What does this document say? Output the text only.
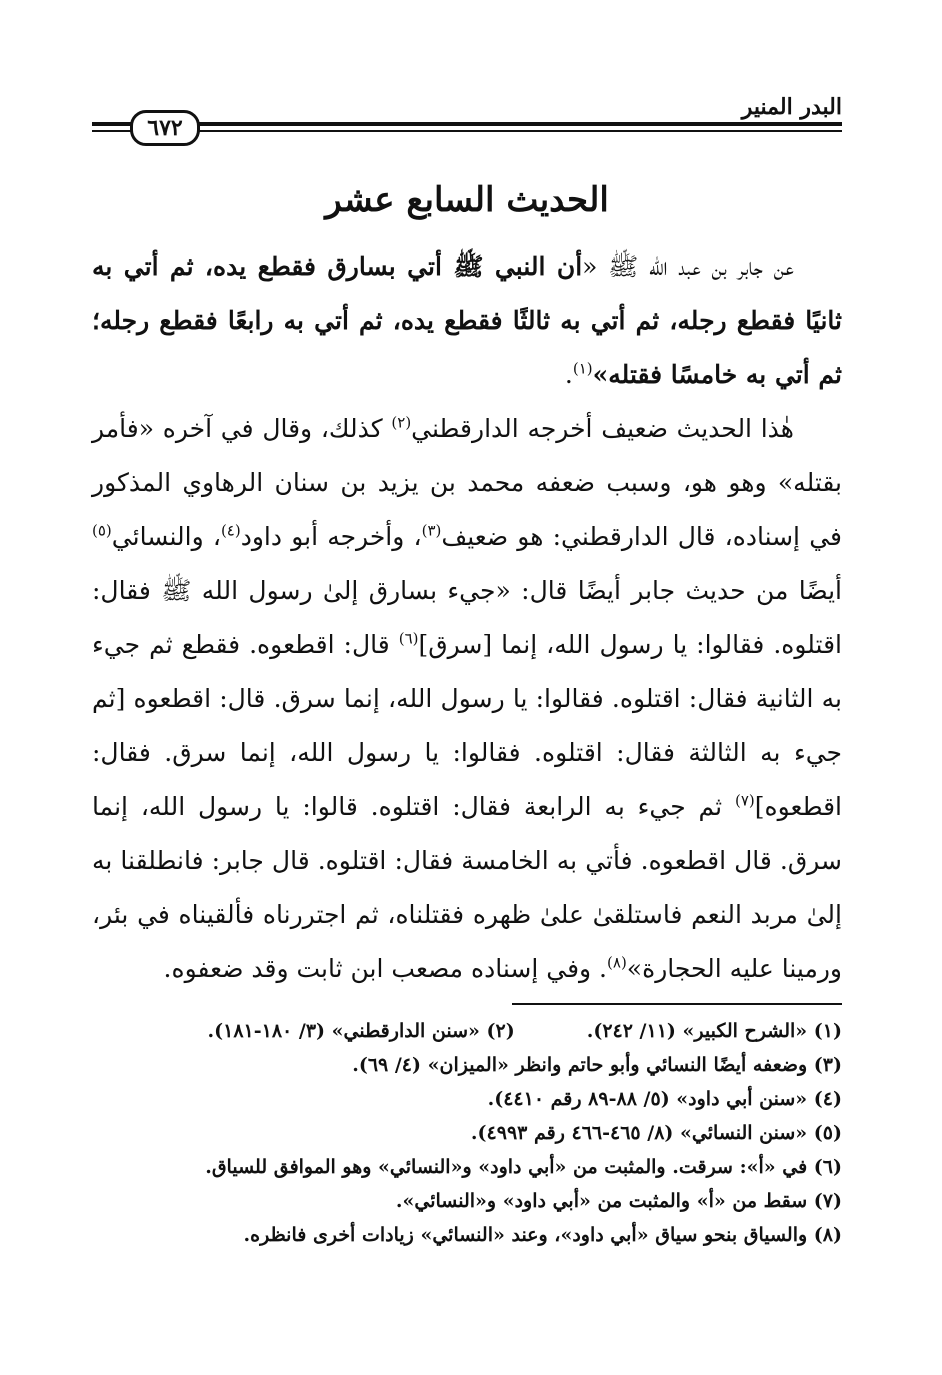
البدر المنير
٦٧٢
الحديث السابع عشر

عن جابر بن عبد الله ﷺ «أن النبي ﷺ أتي بسارق فقطع يده، ثم أتي به ثانيًا فقطع رجله، ثم أتي به ثالثًا فقطع يده، ثم أتي به رابعًا فقطع رجله؛ ثم أتي به خامسًا فقتله»$^{(١)}$.

هٰذا الحديث ضعيف أخرجه الدارقطني$^{(٢)}$ كذلك، وقال في آخره «فأمر بقتله» وهو هو، وسبب ضعفه محمد بن يزيد بن سنان الرهاوي المذكور في إسناده، قال الدارقطني: هو ضعيف$^{(٣)}$، وأخرجه أبو داود$^{(٤)}$، والنسائي$^{(٥)}$ أيضًا من حديث جابر أيضًا قال: «جيء بسارق إلىٰ رسول الله ﷺ فقال: اقتلوه. فقالوا: يا رسول الله، إنما [سرق]$^{(٦)}$ قال: اقطعوه. فقطع ثم جيء به الثانية فقال: اقتلوه. فقالوا: يا رسول الله، إنما سرق. قال: اقطعوه [ثم جيء به الثالثة فقال: اقتلوه. فقالوا: يا رسول الله، إنما سرق. فقال: اقطعوه]$^{(٧)}$ ثم جيء به الرابعة فقال: اقتلوه. قالوا: يا رسول الله، إنما سرق. قال اقطعوه. فأتي به الخامسة فقال: اقتلوه. قال جابر: فانطلقنا به إلىٰ مربد النعم فاستلقىٰ علىٰ ظهره فقتلناه، ثم اجتررناه فألقيناه في بئر، ورمينا عليه الحجارة»$^{(٨)}$. وفي إسناده مصعب ابن ثابت وقد ضعفوه.

(١) «الشرح الكبير» (١١/ ٢٤٢).
(٢) «سنن الدارقطني» (٣/ ١٨٠-١٨١).
(٣) وضعفه أيضًا النسائي وأبو حاتم وانظر «الميزان» (٤/ ٦٩).
(٤) «سنن أبي داود» (٥/ ٨٨-٨٩ رقم ٤٤١٠).
(٥) «سنن النسائي» (٨/ ٤٦٥-٤٦٦ رقم ٤٩٩٣).
(٦) في «أ»: سرقت. والمثبت من «أبي داود» و«النسائي» وهو الموافق للسياق.
(٧) سقط من «أ» والمثبت من «أبي داود» و«النسائي».
(٨) والسياق بنحو سياق «أبي داود»، وعند «النسائي» زيادات أخرى فانظره.
